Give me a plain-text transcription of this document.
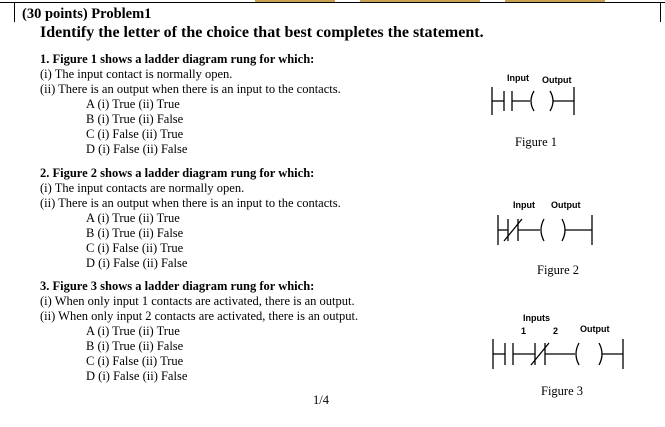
(30 points) Problem1
Identify the letter of the choice that best completes the statement.
1. Figure 1 shows a ladder diagram rung for which:
(i) The input contact is normally open.
(ii) There is an output when there is an input to the contacts.
A (i) True (ii) True
B (i) True (ii) False
C (i) False (ii) True
D (i) False (ii) False
2. Figure 2 shows a ladder diagram rung for which:
(i) The input contacts are normally open.
(ii) There is an output when there is an input to the contacts.
A (i) True (ii) True
B (i) True (ii) False
C (i) False (ii) True
D (i) False (ii) False
3. Figure 3 shows a ladder diagram rung for which:
(i) When only input 1 contacts are activated, there is an output.
(ii) When only input 2 contacts are activated, there is an output.
A (i) True (ii) True
B (i) True (ii) False
C (i) False (ii) True
D (i) False (ii) False
Input Output
Figure 1
Input Output
Figure 2
Inputs
1	2 Output
Figure 3
1/4
